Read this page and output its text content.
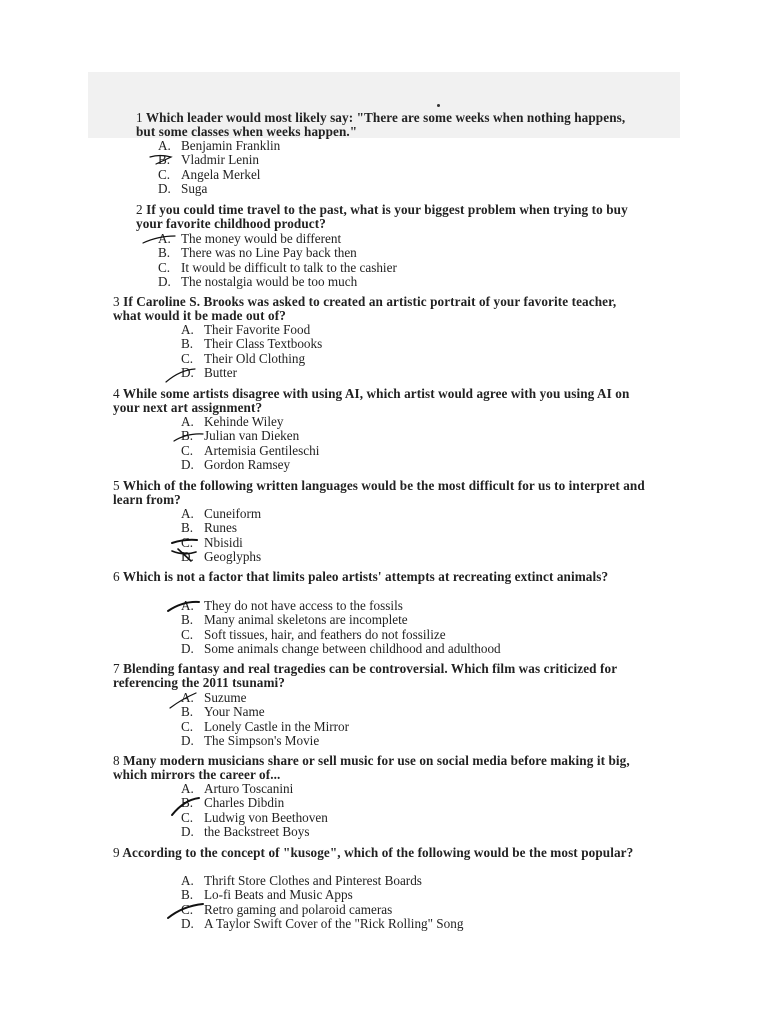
1 Which leader would most likely say: "There are some weeks when nothing happens, but some classes when weeks happen."
A. Benjamin Franklin
B. Vladmir Lenin
C. Angela Merkel
D. Suga
2 If you could time travel to the past, what is your biggest problem when trying to buy your favorite childhood product?
A. The money would be different
B. There was no Line Pay back then
C. It would be difficult to talk to the cashier
D. The nostalgia would be too much
3 If Caroline S. Brooks was asked to created an artistic portrait of your favorite teacher, what would it be made out of?
A. Their Favorite Food
B. Their Class Textbooks
C. Their Old Clothing
D. Butter
4 While some artists disagree with using AI, which artist would agree with you using AI on your next art assignment?
A. Kehinde Wiley
B. Julian van Dieken
C. Artemisia Gentileschi
D. Gordon Ramsey
5 Which of the following written languages would be the most difficult for us to interpret and learn from?
A. Cuneiform
B. Runes
C. Nbisidi
D. Geoglyphs
6 Which is not a factor that limits paleo artists' attempts at recreating extinct animals?
A. They do not have access to the fossils
B. Many animal skeletons are incomplete
C. Soft tissues, hair, and feathers do not fossilize
D. Some animals change between childhood and adulthood
7 Blending fantasy and real tragedies can be controversial. Which film was criticized for referencing the 2011 tsunami?
A. Suzume
B. Your Name
C. Lonely Castle in the Mirror
D. The Simpson's Movie
8 Many modern musicians share or sell music for use on social media before making it big, which mirrors the career of...
A. Arturo Toscanini
B. Charles Dibdin
C. Ludwig von Beethoven
D. the Backstreet Boys
9 According to the concept of "kusoge", which of the following would be the most popular?
A. Thrift Store Clothes and Pinterest Boards
B. Lo-fi Beats and Music Apps
C. Retro gaming and polaroid cameras
D. A Taylor Swift Cover of the "Rick Rolling" Song
